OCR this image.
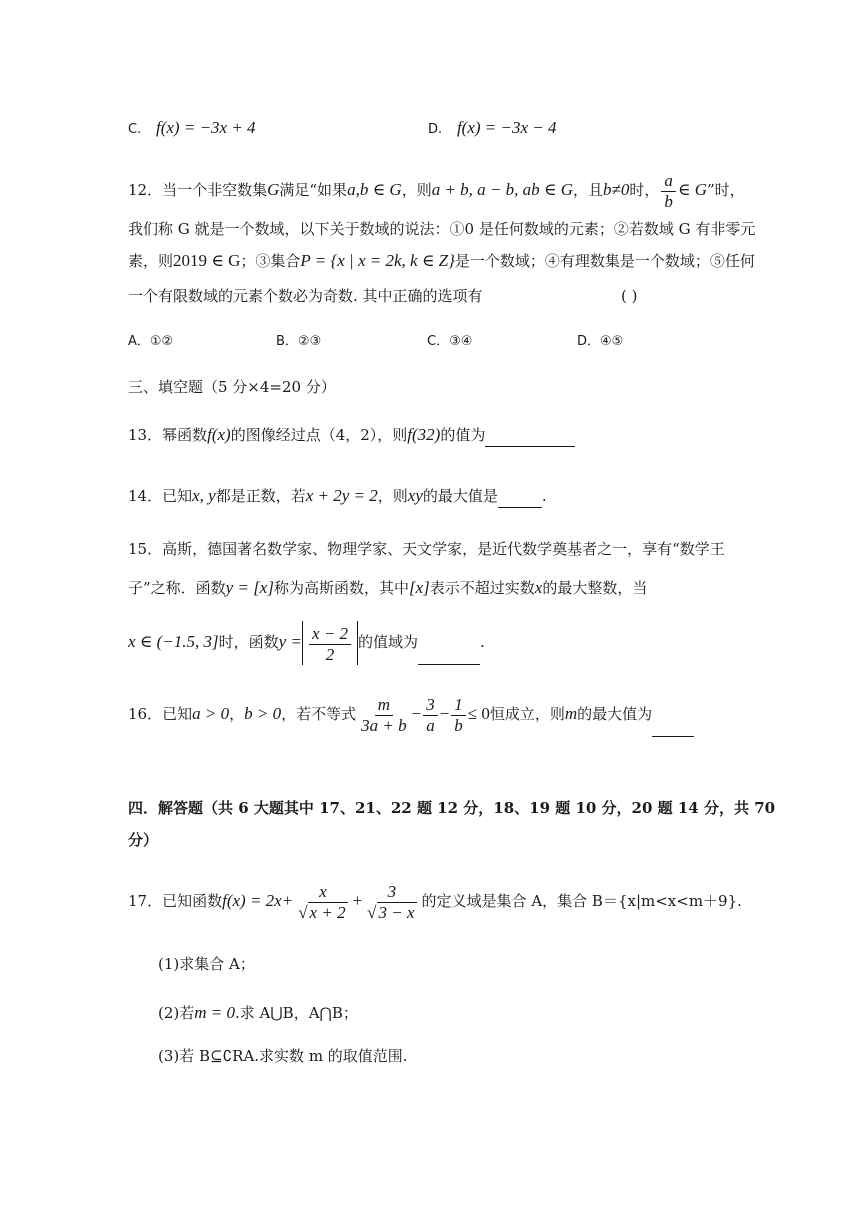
C. f(x) = −3x + 4	D. f(x) = −3x − 4
12．当一个非空数集G满足“如果a,b ∈ G，则a + b, a − b, ab ∈ G，且b≠0时， $\frac{a}{b}$ ∈ G”时，
我们称 G 就是一个数域，以下关于数域的说法：①0 是任何数域的元素；②若数域 G 有非零元
素，则2019 ∈ G；③集合P = {x | x = 2k, k ∈ Z}是一个数域；④有理数集是一个数域；⑤任何
一个有限数域的元素个数必为奇数. 其中正确的选项有	( )
A．①②	B．②③	C．③④	D．④⑤
三、填空题（5 分×4=20 分）
13．幂函数f(x)的图像经过点（4，2），则f(32)的值为
14．已知x, y都是正数，若x + 2y = 2，则xy的最大值是	.
15．高斯，德国著名数学家、物理学家、天文学家，是近代数学奠基者之一，享有“数学王
子”之称．函数y = [x]称为高斯函数，其中[x]表示不超过实数x的最大整数，当
x ∈ (−1.5, 3]时，函数$y = \frac{x - 2}{2}$ 的值域为	.
16．已知a > 0，b > 0，若不等式 $\frac{m}{3a + b} - \frac{3}{a} - \frac{1}{b} \le 0$恒成立，则m的最大值为
四．解答题（共 6 大题其中 17、21、22 题 12 分，18、19 题 10 分，20 题 14 分，共 70
分）
17．已知函数$f(x) = 2x+ \frac{x}{√ x + 2} + \frac{3}{√ 3 - x}$ 的定义域是集合 A，集合 B＝{x|m<x<m＋9}.
(1)求集合 A；
(2)若m = 0.求 A⋃B，A⋂B；
(3)若 B⊆∁RA.求实数 m 的取值范围.
